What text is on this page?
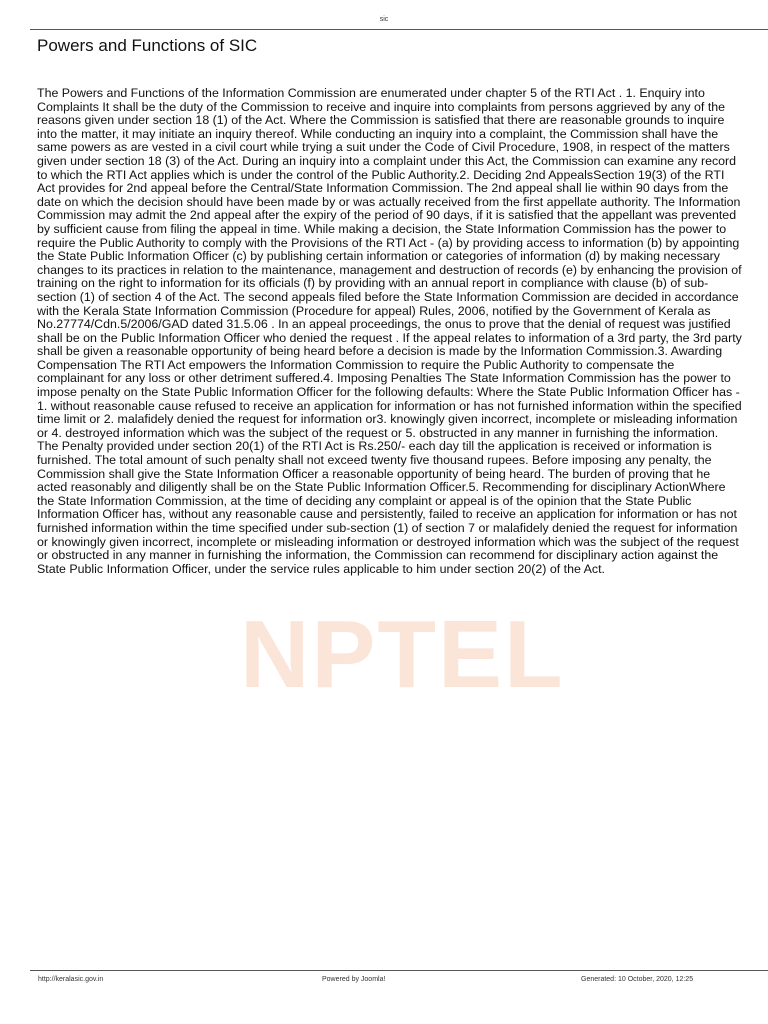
sic
Powers and Functions of SIC
NPTEL

The Powers and Functions of the Information Commission are enumerated under chapter 5 of the RTI Act . 1. Enquiry into Complaints It shall be the duty of the Commission to receive and inquire into complaints from persons aggrieved by any of the reasons given under section 18 (1) of the Act. Where the Commission is satisfied that there are reasonable grounds to inquire into the matter, it may initiate an inquiry thereof. While conducting an inquiry into a complaint, the Commission shall have the same powers as are vested in a civil court while trying a suit under the Code of Civil Procedure, 1908, in respect of the matters given under section 18 (3) of the Act. During an inquiry into a complaint under this Act, the Commission can examine any record to which the RTI Act applies which is under the control of the Public Authority.2. Deciding 2nd AppealsSection 19(3) of the RTI Act provides for 2nd appeal before the Central/State Information Commission. The 2nd appeal shall lie within 90 days from the date on which the decision should have been made by or was actually received from the first appellate authority. The Information Commission may admit the 2nd appeal after the expiry of the period of 90 days, if it is satisfied that the appellant was prevented by sufficient cause from filing the appeal in time. While making a decision, the State Information Commission has the power to require the Public Authority to comply with the Provisions of the RTI Act - (a) by providing access to information (b) by appointing the State Public Information Officer (c) by publishing certain information or categories of information (d) by making necessary changes to its practices in relation to the maintenance, management and destruction of records (e) by enhancing the provision of training on the right to information for its officials (f) by providing with an annual report in compliance with clause (b) of sub-section (1) of section 4 of the Act. The second appeals filed before the State Information Commission are decided in accordance with the Kerala State Information Commission (Procedure for appeal) Rules, 2006, notified by the Government of Kerala as No.27774/Cdn.5/2006/GAD dated 31.5.06 . In an appeal proceedings, the onus to prove that the denial of request was justified shall be on the Public Information Officer who denied the request . If the appeal relates to information of a 3rd party, the 3rd party shall be given a reasonable opportunity of being heard before a decision is made by the Information Commission.3. Awarding Compensation The RTI Act empowers the Information Commission to require the Public Authority to compensate the complainant for any loss or other detriment suffered.4. Imposing Penalties The State Information Commission has the power to impose penalty on the State Public Information Officer for the following defaults: Where the State Public Information Officer has - 1. without reasonable cause refused to receive an application for information or has not furnished information within the specified time limit or 2. malafidely denied the request for information or3. knowingly given incorrect, incomplete or misleading information or 4. destroyed information which was the subject of the request or 5. obstructed in any manner in furnishing the information. The Penalty provided under section 20(1) of the RTI Act is Rs.250/- each day till the application is received or information is furnished. The total amount of such penalty shall not exceed twenty five thousand rupees. Before imposing any penalty, the Commission shall give the State Information Officer a reasonable opportunity of being heard. The burden of proving that he acted reasonably and diligently shall be on the State Public Information Officer.5. Recommending for disciplinary ActionWhere the State Information Commission, at the time of deciding any complaint or appeal is of the opinion that the State Public Information Officer has, without any reasonable cause and persistently, failed to receive an application for information or has not furnished information within the time specified under sub-section (1) of section 7 or malafidely denied the request for information or knowingly given incorrect, incomplete or misleading information or destroyed information which was the subject of the request or obstructed in any manner in furnishing the information, the Commission can recommend for disciplinary action against the State Public Information Officer, under the service rules applicable to him under section 20(2) of the Act.

http://keralasic.gov.in	Powered by Joomla!	Generated: 10 October, 2020, 12:25
